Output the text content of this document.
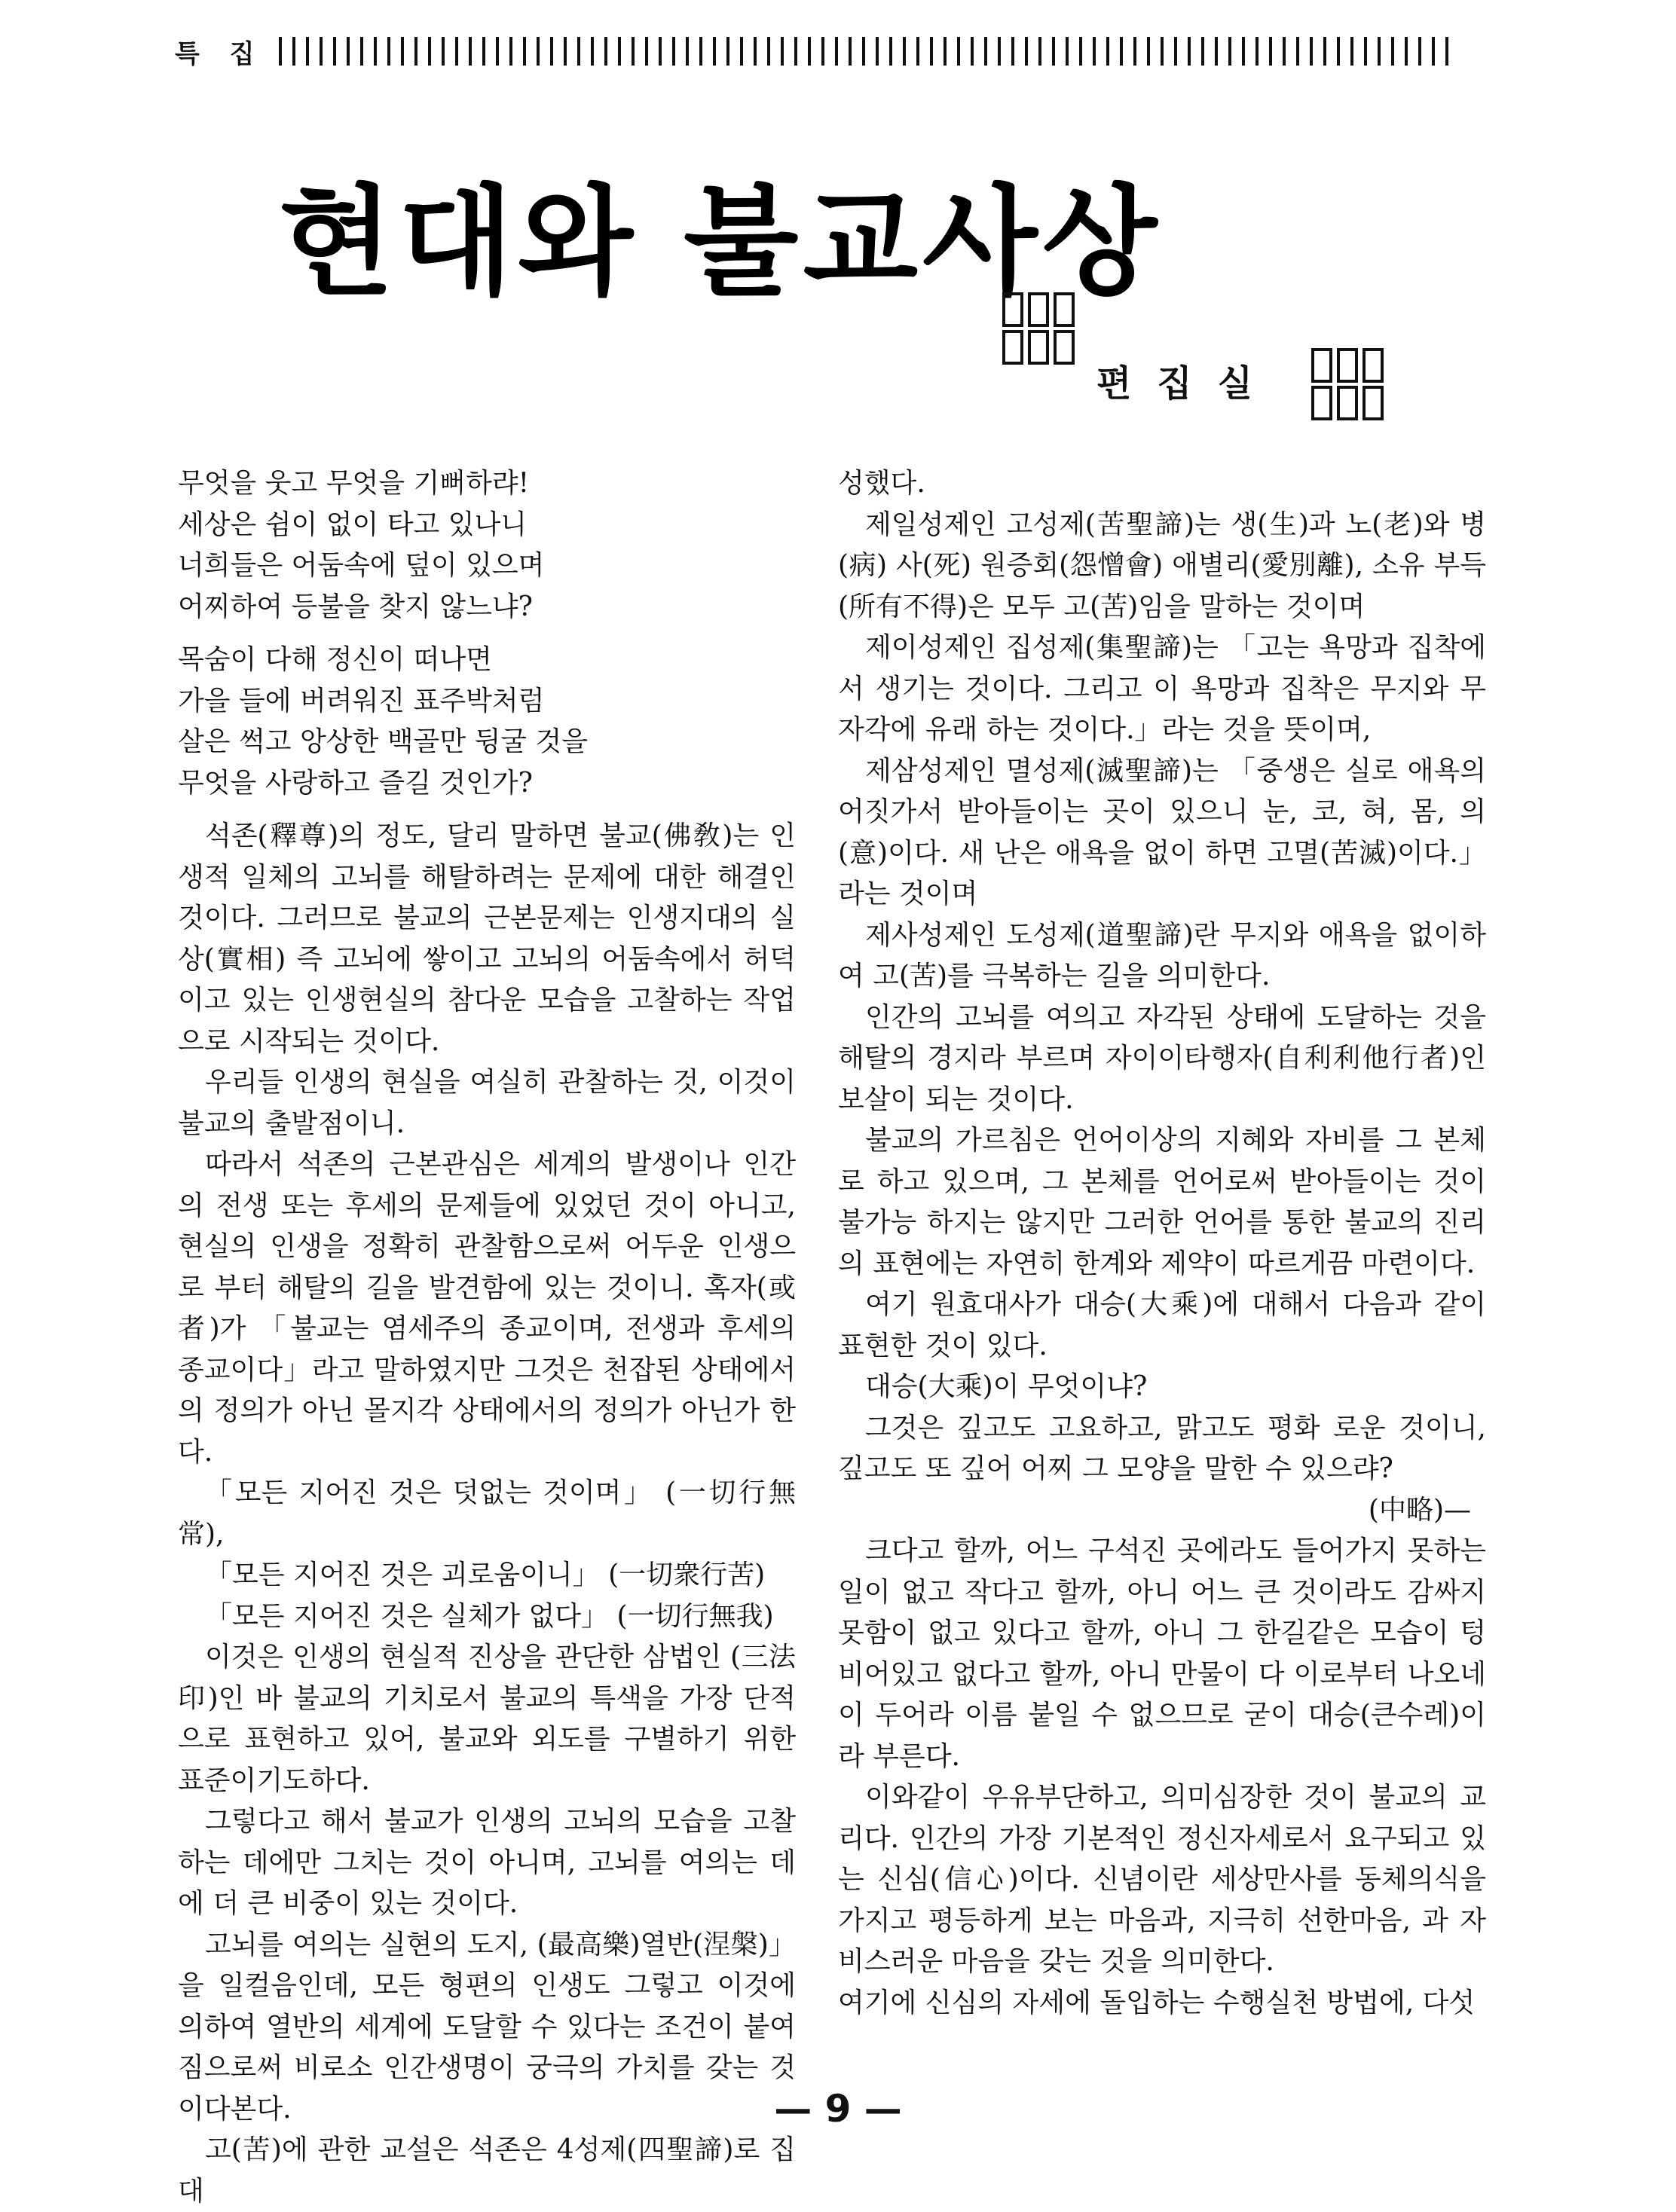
특 집
현대와 불교사상
편집실

무엇을 웃고 무엇을 기뻐하랴!

세상은 쉼이 없이 타고 있나니

너희들은 어둠속에 덮이 있으며

어찌하여 등불을 찾지 않느냐?

목숨이 다해 정신이 떠나면

가을 들에 버려워진 표주박처럼

살은 썩고 앙상한 백골만 뒹굴 것을

무엇을 사랑하고 즐길 것인가?

석존(釋尊)의 정도, 달리 말하면 불교(佛敎)는 인생적 일체의 고뇌를 해탈하려는 문제에 대한 해결인 것이다. 그러므로 불교의 근본문제는 인생지대의 실상(實相) 즉 고뇌에 쌓이고 고뇌의 어둠속에서 허덕이고 있는 인생현실의 참다운 모습을 고찰하는 작업으로 시작되는 것이다.

우리들 인생의 현실을 여실히 관찰하는 것, 이것이 불교의 출발점이니.

따라서 석존의 근본관심은 세계의 발생이나 인간의 전생 또는 후세의 문제들에 있었던 것이 아니고, 현실의 인생을 정확히 관찰함으로써 어두운 인생으로 부터 해탈의 길을 발견함에 있는 것이니. 혹자(或者)가 「불교는 염세주의 종교이며, 전생과 후세의 종교이다」라고 말하였지만 그것은 천잡된 상태에서의 정의가 아닌 몰지각 상태에서의 정의가 아닌가 한다.

「모든 지어진 것은 덧없는 것이며」 (一切行無常),

「모든 지어진 것은 괴로움이니」 (一切衆行苦)

「모든 지어진 것은 실체가 없다」 (一切行無我)

이것은 인생의 현실적 진상을 관단한 삼법인 (三法印)인 바 불교의 기치로서 불교의 특색을 가장 단적으로 표현하고 있어, 불교와 외도를 구별하기 위한 표준이기도하다.

그렇다고 해서 불교가 인생의 고뇌의 모습을 고찰하는 데에만 그치는 것이 아니며, 고뇌를 여의는 데에 더 큰 비중이 있는 것이다.

고뇌를 여의는 실현의 도지, (最高樂)열반(涅槃)」을 일컬음인데, 모든 형편의 인생도 그렇고 이것에 의하여 열반의 세계에 도달할 수 있다는 조건이 붙여짐으로써 비로소 인간생명이 궁극의 가치를 갖는 것이다본다.

고(苦)에 관한 교설은 석존은 4성제(四聖諦)로 집대

성했다.

제일성제인 고성제(苦聖諦)는 생(生)과 노(老)와 병(病) 사(死) 원증회(怨憎會) 애별리(愛別離), 소유 부득(所有不得)은 모두 고(苦)임을 말하는 것이며

제이성제인 집성제(集聖諦)는 「고는 욕망과 집착에서 생기는 것이다. 그리고 이 욕망과 집착은 무지와 무자각에 유래 하는 것이다.」라는 것을 뜻이며,

제삼성제인 멸성제(滅聖諦)는 「중생은 실로 애욕의 어짓가서 받아들이는 곳이 있으니 눈, 코, 혀, 몸, 의(意)이다. 새 난은 애욕을 없이 하면 고멸(苦滅)이다.」라는 것이며

제사성제인 도성제(道聖諦)란 무지와 애욕을 없이하여 고(苦)를 극복하는 길을 의미한다.

인간의 고뇌를 여의고 자각된 상태에 도달하는 것을 해탈의 경지라 부르며 자이이타행자(自利利他行者)인 보살이 되는 것이다.

불교의 가르침은 언어이상의 지혜와 자비를 그 본체로 하고 있으며, 그 본체를 언어로써 받아들이는 것이 불가능 하지는 않지만 그러한 언어를 통한 불교의 진리의 표현에는 자연히 한계와 제약이 따르게끔 마련이다.

여기 원효대사가 대승(大乘)에 대해서 다음과 같이 표현한 것이 있다.

대승(大乘)이 무엇이냐?

그것은 깊고도 고요하고, 맑고도 평화 로운 것이니, 깊고도 또 깊어 어찌 그 모양을 말한 수 있으랴?

(中略)—

크다고 할까, 어느 구석진 곳에라도 들어가지 못하는 일이 없고 작다고 할까, 아니 어느 큰 것이라도 감싸지 못함이 없고 있다고 할까, 아니 그 한길같은 모습이 텅비어있고 없다고 할까, 아니 만물이 다 이로부터 나오네 이 두어라 이름 붙일 수 없으므로 굳이 대승(큰수레)이라 부른다.

이와같이 우유부단하고, 의미심장한 것이 불교의 교리다. 인간의 가장 기본적인 정신자세로서 요구되고 있는 신심(信心)이다. 신념이란 세상만사를 동체의식을 가지고 평등하게 보는 마음과, 지극히 선한마음, 과 자비스러운 마음을 갖는 것을 의미한다.

여기에 신심의 자세에 돌입하는 수행실천 방법에, 다섯

— 9 —
